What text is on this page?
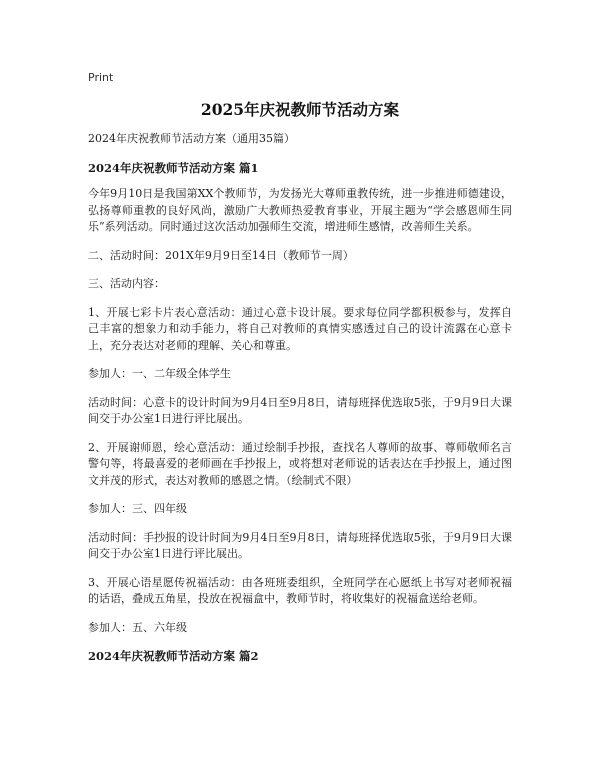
Print
2025年庆祝教师节活动方案

2024年庆祝教师节活动方案（通用35篇）

2024年庆祝教师节活动方案 篇1

今年9月10日是我国第XX个教师节，为发扬光大尊师重教传统，进一步推进师德建设，弘扬尊师重教的良好风尚，激励广大教师热爱教育事业，开展主题为“学会感恩师生同乐”系列活动。同时通过这次活动加强师生交流，增进师生感情，改善师生关系。

二、活动时间：201X年9月9日至14日（教师节一周）

三、活动内容：

1、开展七彩卡片表心意活动：通过心意卡设计展。要求每位同学都积极参与，发挥自己丰富的想象力和动手能力，将自己对教师的真情实感透过自己的设计流露在心意卡上，充分表达对老师的理解、关心和尊重。

参加人：一、二年级全体学生

活动时间：心意卡的设计时间为9月4日至9月8日，请每班择优选取5张，于9月9日大课间交于办公室1日进行评比展出。

2、开展谢师恩，绘心意活动：通过绘制手抄报，查找名人尊师的故事、尊师敬师名言警句等，将最喜爱的老师画在手抄报上，或将想对老师说的话表达在手抄报上，通过图文并茂的形式，表达对教师的感恩之情。（绘制式不限）

参加人：三、四年级

活动时间：手抄报的设计时间为9月4日至9月8日，请每班择优选取5张，于9月9日大课间交于办公室1日进行评比展出。

3、开展心语星愿传祝福活动：由各班班委组织，全班同学在心愿纸上书写对老师祝福的话语，叠成五角星，投放在祝福盒中，教师节时，将收集好的祝福盒送给老师。

参加人：五、六年级

2024年庆祝教师节活动方案 篇2
